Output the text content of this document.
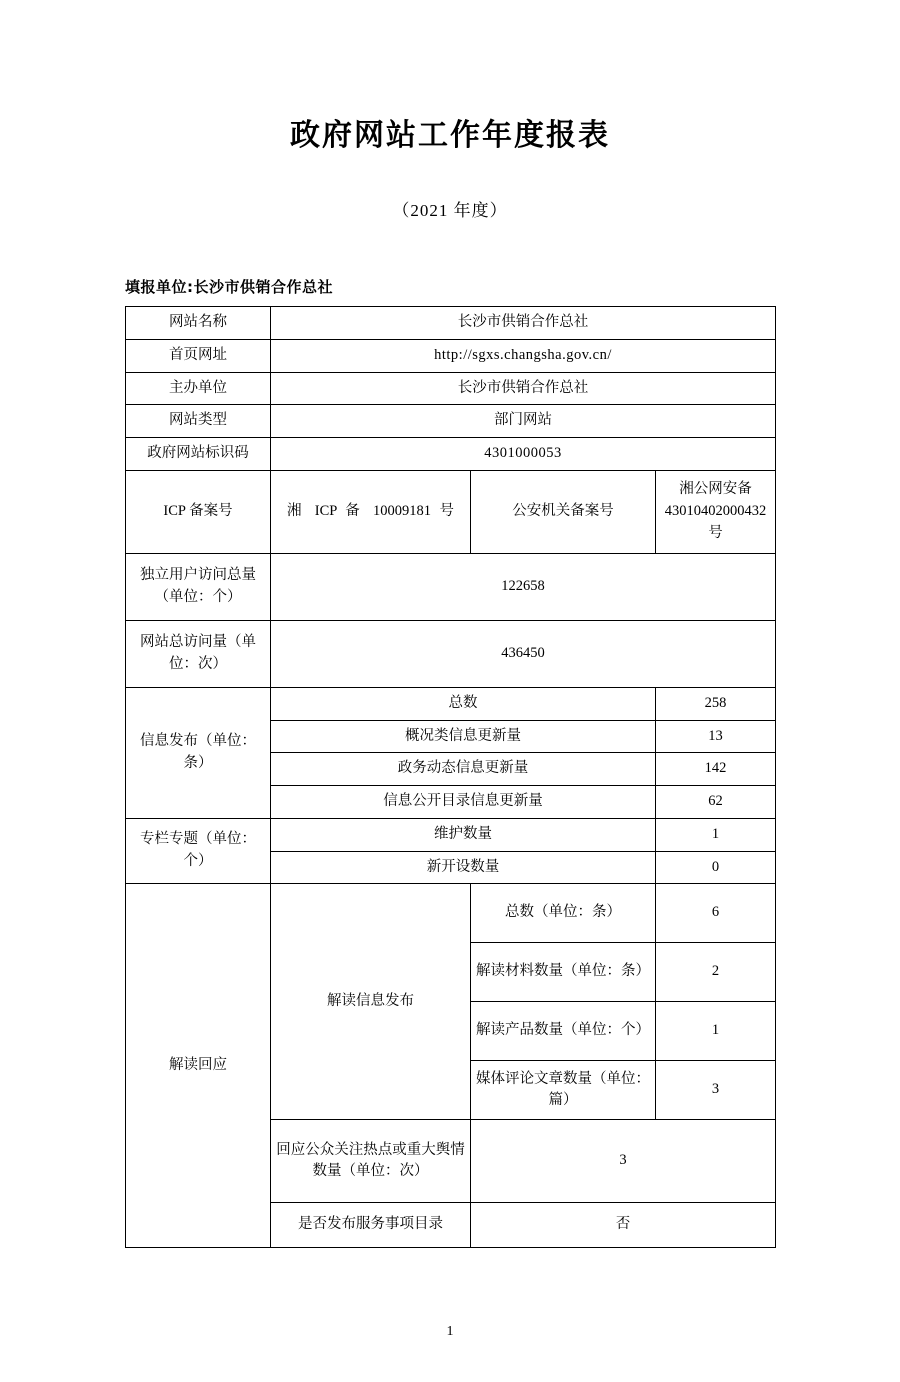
政府网站工作年度报表
（2021 年度）
填报单位:长沙市供销合作总社
网站名称	长沙市供销合作总社		
首页网址	http://sgxs.changsha.gov.cn/		
主办单位	长沙市供销合作总社		
网站类型	部门网站		
政府网站标识码	4301000053		
ICP 备案号	湘 ICP 备 10009181 号	公安机关备案号	湘公网安备 43010402000432 号
独立用户访问总量（单位：个）	122658		
网站总访问量（单位：次）	436450		
信息发布（单位：条）	总数		258
	概况类信息更新量		13
	政务动态信息更新量		142
	信息公开目录信息更新量		62
专栏专题（单位：个）	维护数量		1
	新开设数量		0
解读回应	解读信息发布	总数（单位：条）	6
		解读材料数量（单位：条）	2
		解读产品数量（单位：个）	1
		媒体评论文章数量（单位：篇）	3
	回应公众关注热点或重大舆情数量（单位：次）	3	
	是否发布服务事项目录	否	
1
